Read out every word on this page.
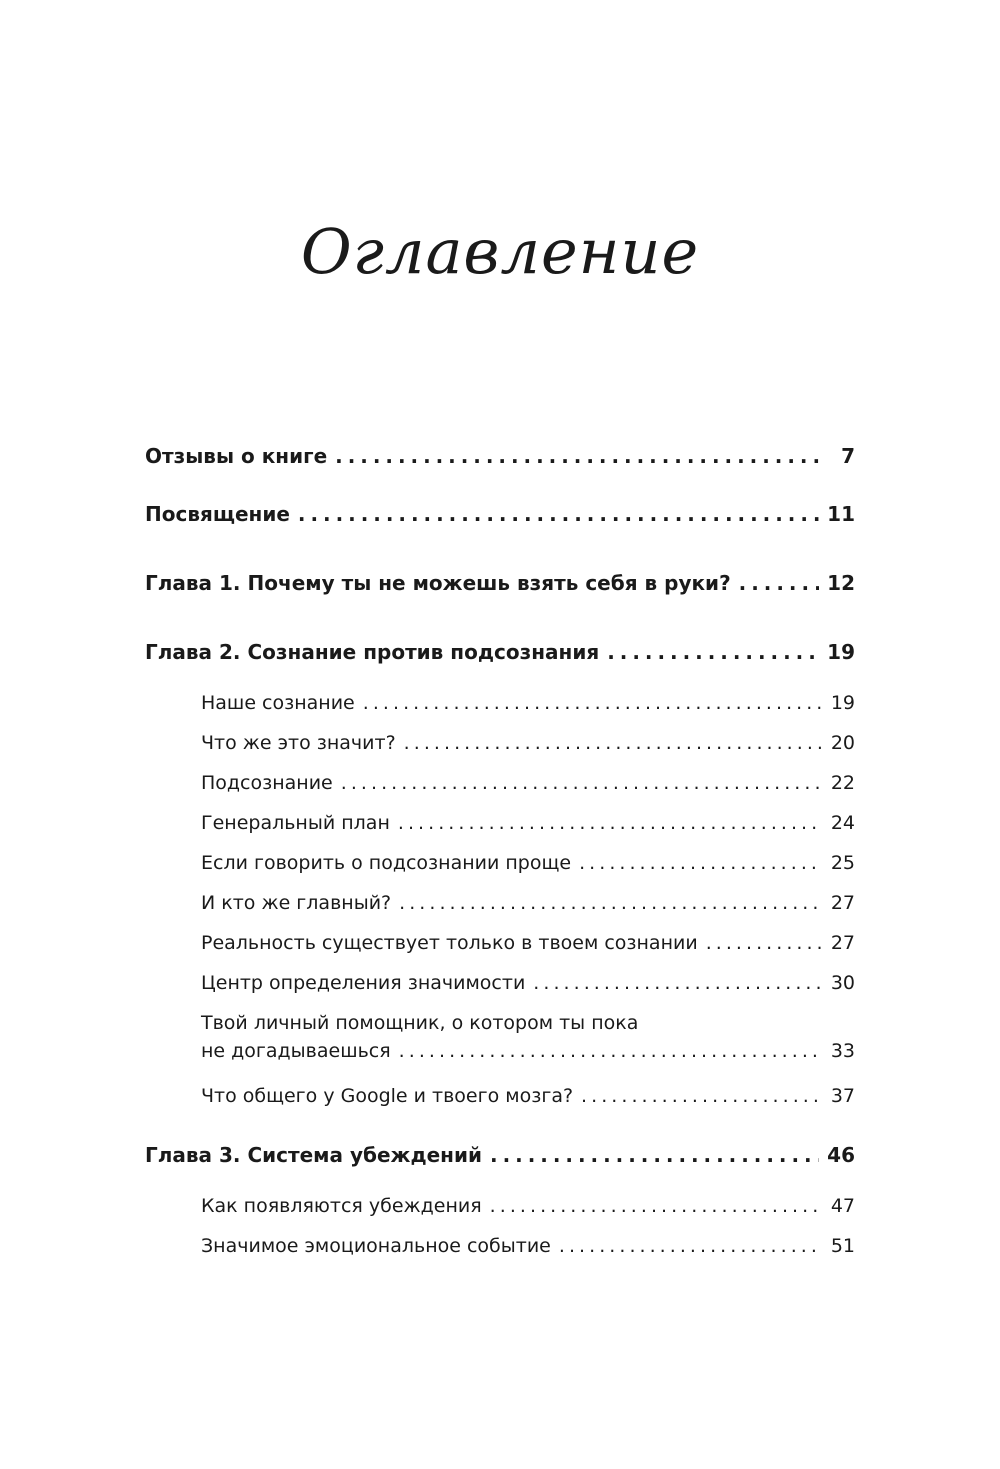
Оглавление
Отзывы о книге . . .	7
Посвящение . . .	11
Глава 1. Почему ты не можешь взять себя в руки? . . .	12
Глава 2. Сознание против подсознания . . .	19
Наше сознание . . .	19
Что же это значит? . . .	20
Подсознание . . .	22
Генеральный план . . .	24
Если говорить о подсознании проще . . .	25
И кто же главный? . . .	27
Реальность существует только в твоем сознании . . .	27
Центр определения значимости . . .	30
Твой личный помощник, о котором ты пока
не догадываешься . . .	33
Что общего у Google и твоего мозга? . . .	37
Глава 3. Система убеждений . . .	46
Как появляются убеждения . . .	47
Значимое эмоциональное событие . . .	51
